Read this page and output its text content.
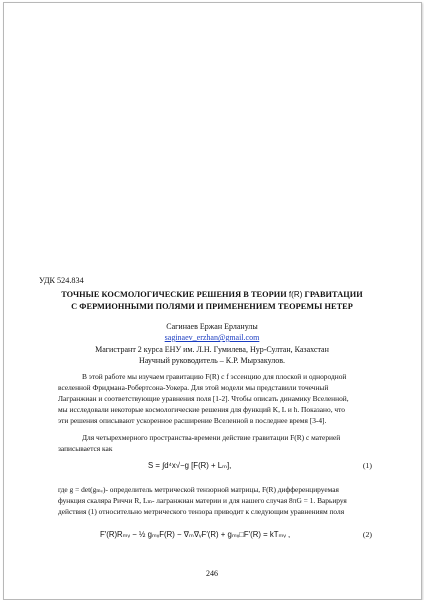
УДК 524.834
ТОЧНЫЕ КОСМОЛОГИЧЕСКИЕ РЕШЕНИЯ В ТЕОРИИ f(R) ГРАВИТАЦИИ
С ФЕРМИОННЫМИ ПОЛЯМИ И ПРИМЕНЕНИЕМ ТЕОРЕМЫ НЕТЕР
Сагинаев Ержан Ерланулы
saginaev_erzhan@gmail.com
Магистрант 2 курса ЕНУ им. Л.Н. Гумилева, Нур-Султан, Казахстан
Научный руководитель – К.Р. Мырзакулов.
В этой работе мы изучаем гравитацию F(R) с f эссенцию для плоской и однородной
вселенной Фридмана-Робертсона-Уокера. Для этой модели мы представили точечный
Лагранжиан и соответствующие уравнения поля [1-2]. Чтобы описать динамику Вселенной,
мы исследовали некоторые космологические решения для функций K, L и h. Показано, что
эти решения описывают ускоренное расширение Вселенной в последнее время [3-4].
Для четырехмерного пространства-времени действие гравитации F(R) с материей
записывается как
S = ∫d⁴x√−g [F(R) + Lₘ],	(1)
где g = det(gₘᵥ)- определитель метрической тензорной матрицы, F(R) дифференцируемая
функция скаляра Риччи R, Lₘ- лагранжиан материи и для нашего случая 8πG = 1. Варьируя
действия (1) относительно метрического тензора приводит к следующим уравнениям поля
F′(R)Rₘᵥ − ½ gₘᵥF(R) − ∇ₘ∇ᵥF′(R) + gₘᵥ□F′(R) = kTₘᵥ ,	(2)
246
